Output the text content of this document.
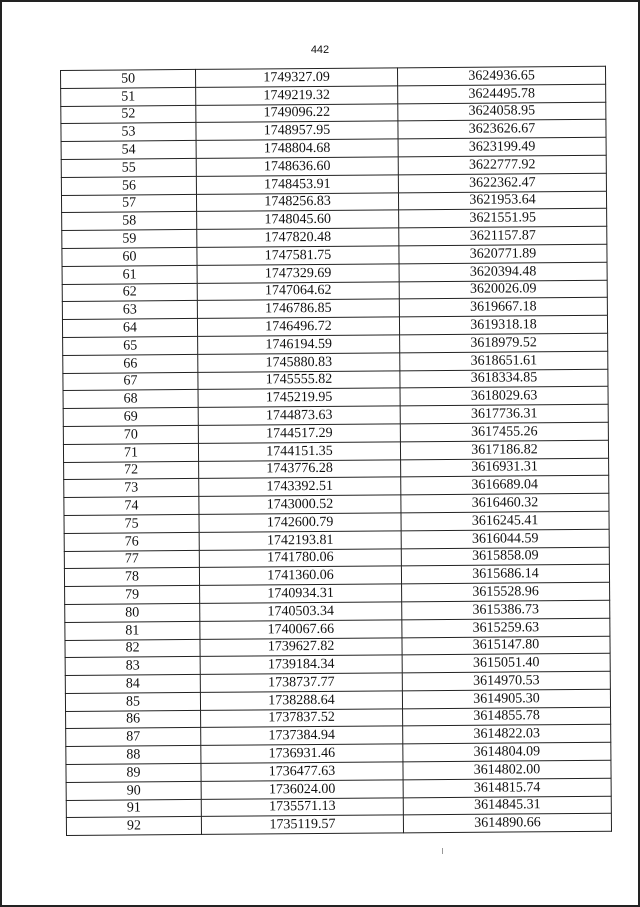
442
50	1749327.09	3624936.65
51	1749219.32	3624495.78
52	1749096.22	3624058.95
53	1748957.95	3623626.67
54	1748804.68	3623199.49
55	1748636.60	3622777.92
56	1748453.91	3622362.47
57	1748256.83	3621953.64
58	1748045.60	3621551.95
59	1747820.48	3621157.87
60	1747581.75	3620771.89
61	1747329.69	3620394.48
62	1747064.62	3620026.09
63	1746786.85	3619667.18
64	1746496.72	3619318.18
65	1746194.59	3618979.52
66	1745880.83	3618651.61
67	1745555.82	3618334.85
68	1745219.95	3618029.63
69	1744873.63	3617736.31
70	1744517.29	3617455.26
71	1744151.35	3617186.82
72	1743776.28	3616931.31
73	1743392.51	3616689.04
74	1743000.52	3616460.32
75	1742600.79	3616245.41
76	1742193.81	3616044.59
77	1741780.06	3615858.09
78	1741360.06	3615686.14
79	1740934.31	3615528.96
80	1740503.34	3615386.73
81	1740067.66	3615259.63
82	1739627.82	3615147.80
83	1739184.34	3615051.40
84	1738737.77	3614970.53
85	1738288.64	3614905.30
86	1737837.52	3614855.78
87	1737384.94	3614822.03
88	1736931.46	3614804.09
89	1736477.63	3614802.00
90	1736024.00	3614815.74
91	1735571.13	3614845.31
92	1735119.57	3614890.66
